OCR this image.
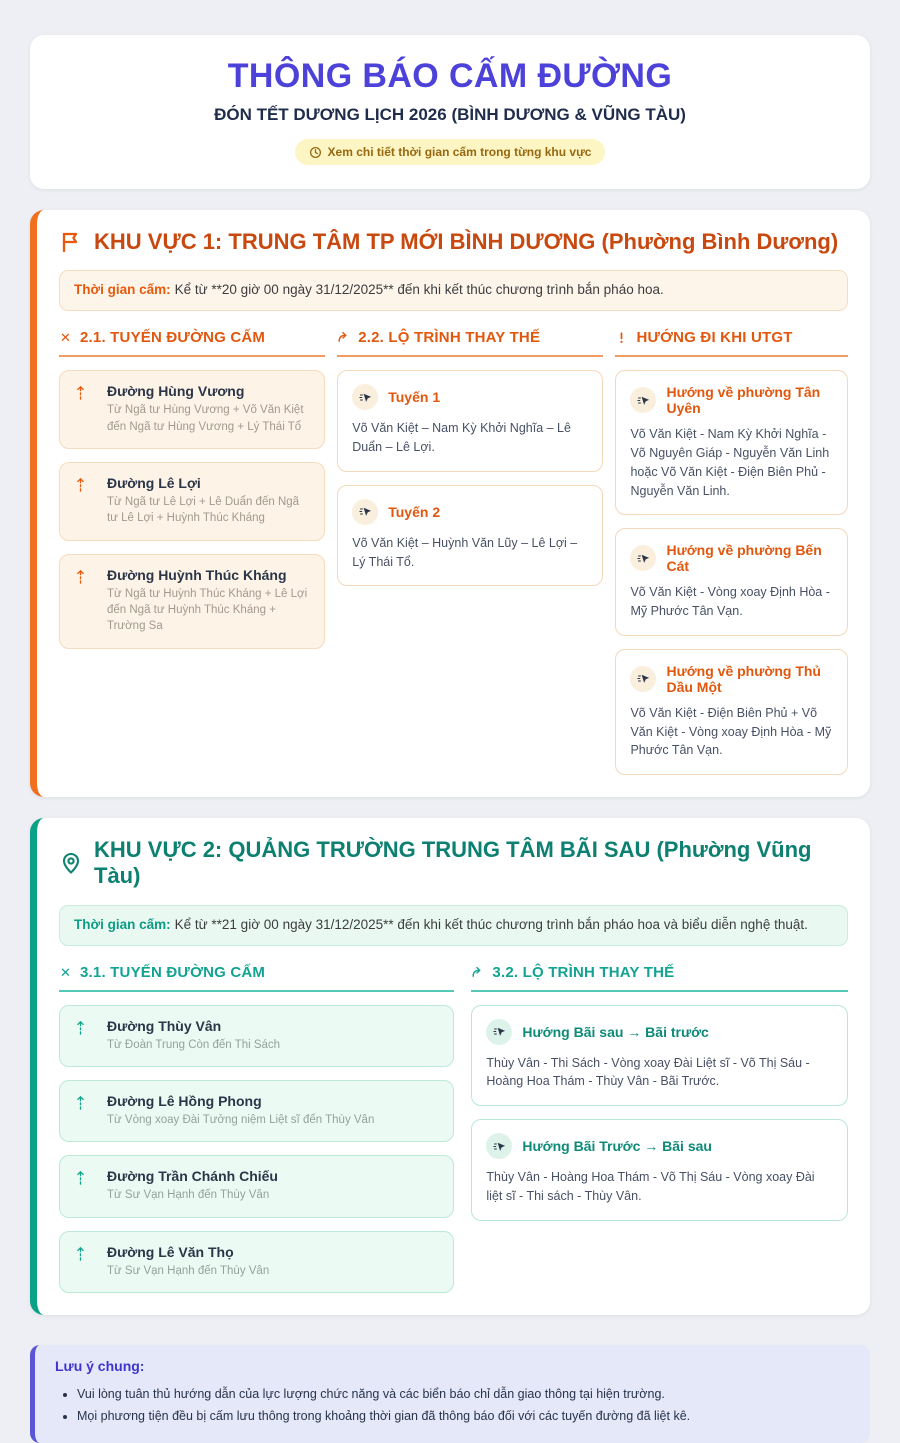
THÔNG BÁO CẤM ĐƯỜNG
ĐÓN TẾT DƯƠNG LỊCH 2026 (BÌNH DƯƠNG & VŨNG TÀU)
Xem chi tiết thời gian cấm trong từng khu vực
KHU VỰC 1: TRUNG TÂM TP MỚI BÌNH DƯƠNG (Phường Bình Dương)
Thời gian cấm: Kể từ **20 giờ 00 ngày 31/12/2025** đến khi kết thúc chương trình bắn pháo hoa.
✕ 2.1. TUYẾN ĐƯỜNG CẤM
Đường Hùng Vương
Từ Ngã tư Hùng Vương + Võ Văn Kiệt đến Ngã tư Hùng Vương + Lý Thái Tổ
Đường Lê Lợi
Từ Ngã tư Lê Lợi + Lê Duẩn đến Ngã tư Lê Lợi + Huỳnh Thúc Kháng
Đường Huỳnh Thúc Kháng
Từ Ngã tư Huỳnh Thúc Kháng + Lê Lợi đến Ngã tư Huỳnh Thúc Kháng + Trường Sa
2.2. LỘ TRÌNH THAY THẾ
Tuyến 1
Võ Văn Kiệt – Nam Kỳ Khởi Nghĩa – Lê Duẩn – Lê Lợi.
Tuyến 2
Võ Văn Kiệt – Huỳnh Văn Lũy – Lê Lợi – Lý Thái Tổ.
HƯỚNG ĐI KHI UTGT
Hướng về phường Tân Uyên
Võ Văn Kiệt - Nam Kỳ Khởi Nghĩa - Võ Nguyên Giáp - Nguyễn Văn Linh hoặc Võ Văn Kiệt - Điện Biên Phủ - Nguyễn Văn Linh.
Hướng về phường Bến Cát
Võ Văn Kiệt - Vòng xoay Định Hòa - Mỹ Phước Tân Vạn.
Hướng về phường Thủ Dầu Một
Võ Văn Kiệt - Điện Biên Phủ + Võ Văn Kiệt - Vòng xoay Định Hòa - Mỹ Phước Tân Vạn.
KHU VỰC 2: QUẢNG TRƯỜNG TRUNG TÂM BÃI SAU (Phường Vũng Tàu)
Thời gian cấm: Kể từ **21 giờ 00 ngày 31/12/2025** đến khi kết thúc chương trình bắn pháo hoa và biểu diễn nghệ thuật.
✕ 3.1. TUYẾN ĐƯỜNG CẤM
Đường Thùy Vân
Từ Đoàn Trung Còn đến Thi Sách
Đường Lê Hồng Phong
Từ Vòng xoay Đài Tưởng niệm Liệt sĩ đến Thùy Vân
Đường Trần Chánh Chiếu
Từ Sư Vạn Hạnh đến Thùy Vân
Đường Lê Văn Thọ
Từ Sư Vạn Hạnh đến Thùy Vân
3.2. LỘ TRÌNH THAY THẾ
Hướng Bãi sau → Bãi trước
Thùy Vân - Thi Sách - Vòng xoay Đài Liệt sĩ - Võ Thị Sáu - Hoàng Hoa Thám - Thùy Vân - Bãi Trước.
Hướng Bãi Trước → Bãi sau
Thùy Vân - Hoàng Hoa Thám - Võ Thị Sáu - Vòng xoay Đài liệt sĩ - Thi sách - Thùy Vân.
Lưu ý chung:
• Vui lòng tuân thủ hướng dẫn của lực lượng chức năng và các biển báo chỉ dẫn giao thông tại hiện trường.
• Mọi phương tiện đều bị cấm lưu thông trong khoảng thời gian đã thông báo đối với các tuyến đường đã liệt kê.
